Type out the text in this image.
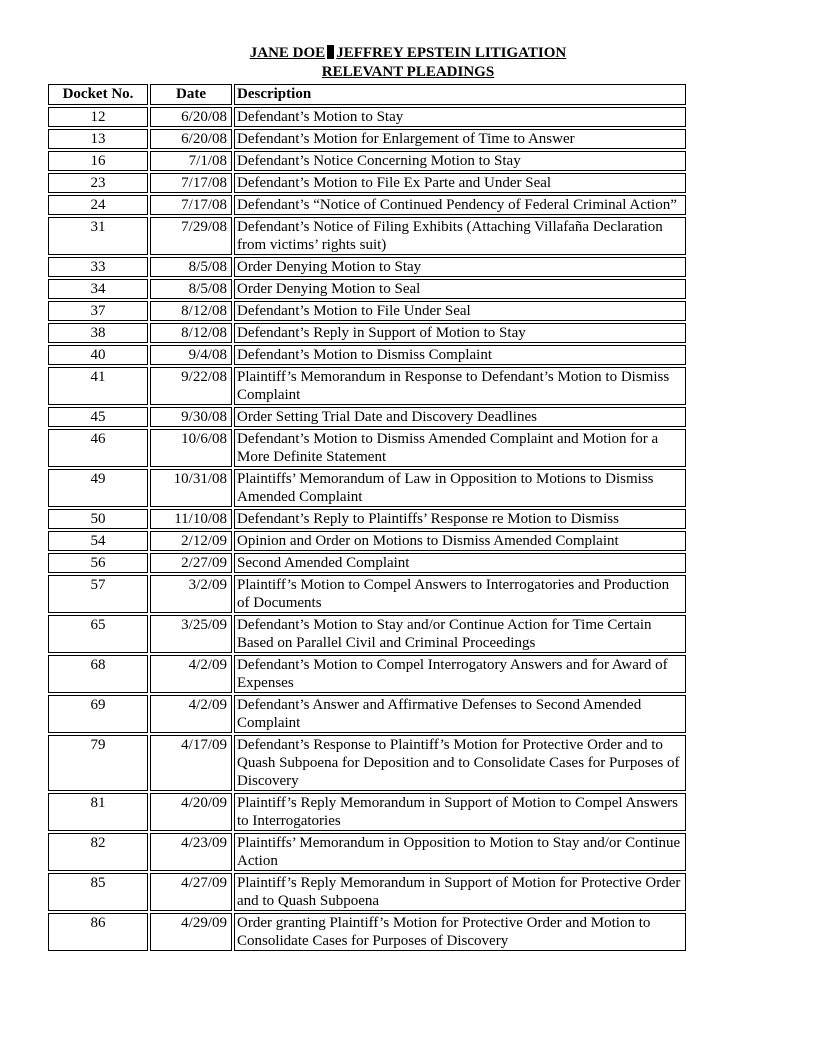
JANE DOE JEFFREY EPSTEIN LITIGATION
RELEVANT PLEADINGS
Docket No.	Date	Description
12	6/20/08	Defendant’s Motion to Stay
13	6/20/08	Defendant’s Motion for Enlargement of Time to Answer
16	7/1/08	Defendant’s Notice Concerning Motion to Stay
23	7/17/08	Defendant’s Motion to File Ex Parte and Under Seal
24	7/17/08	Defendant’s “Notice of Continued Pendency of Federal Criminal Action”
31	7/29/08	Defendant’s Notice of Filing Exhibits (Attaching Villafaña Declaration from victims’ rights suit)
33	8/5/08	Order Denying Motion to Stay
34	8/5/08	Order Denying Motion to Seal
37	8/12/08	Defendant’s Motion to File Under Seal
38	8/12/08	Defendant’s Reply in Support of Motion to Stay
40	9/4/08	Defendant’s Motion to Dismiss Complaint
41	9/22/08	Plaintiff’s Memorandum in Response to Defendant’s Motion to Dismiss Complaint
45	9/30/08	Order Setting Trial Date and Discovery Deadlines
46	10/6/08	Defendant’s Motion to Dismiss Amended Complaint and Motion for a More Definite Statement
49	10/31/08	Plaintiffs’ Memorandum of Law in Opposition to Motions to Dismiss Amended Complaint
50	11/10/08	Defendant’s Reply to Plaintiffs’ Response re Motion to Dismiss
54	2/12/09	Opinion and Order on Motions to Dismiss Amended Complaint
56	2/27/09	Second Amended Complaint
57	3/2/09	Plaintiff’s Motion to Compel Answers to Interrogatories and Production of Documents
65	3/25/09	Defendant’s Motion to Stay and/or Continue Action for Time Certain Based on Parallel Civil and Criminal Proceedings
68	4/2/09	Defendant’s Motion to Compel Interrogatory Answers and for Award of Expenses
69	4/2/09	Defendant’s Answer and Affirmative Defenses to Second Amended Complaint
79	4/17/09	Defendant’s Response to Plaintiff’s Motion for Protective Order and to Quash Subpoena for Deposition and to Consolidate Cases for Purposes of Discovery
81	4/20/09	Plaintiff’s Reply Memorandum in Support of Motion to Compel Answers to Interrogatories
82	4/23/09	Plaintiffs’ Memorandum in Opposition to Motion to Stay and/or Continue Action
85	4/27/09	Plaintiff’s Reply Memorandum in Support of Motion for Protective Order and to Quash Subpoena
86	4/29/09	Order granting Plaintiff’s Motion for Protective Order and Motion to Consolidate Cases for Purposes of Discovery
